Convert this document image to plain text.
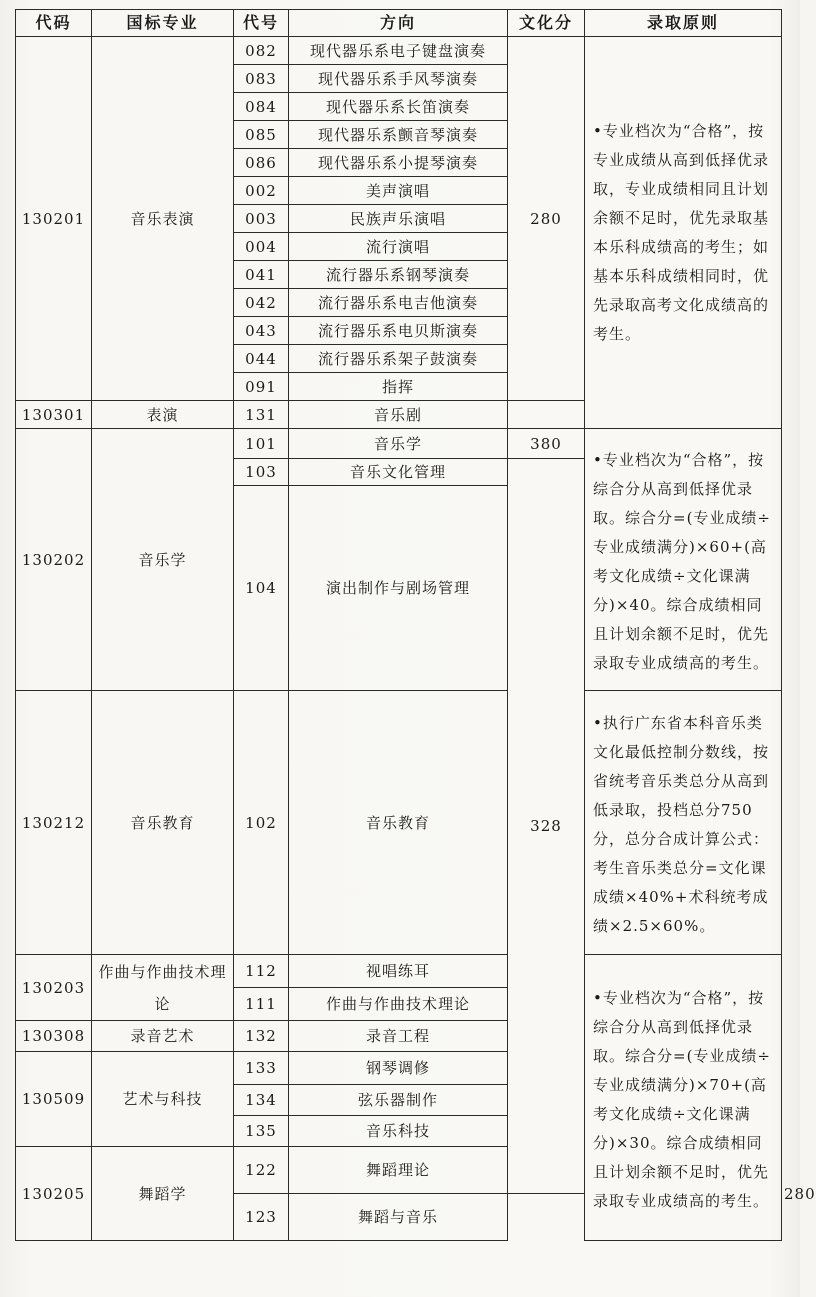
代码	国标专业	代号	方向	文化分	录取原则	
130201	音乐表演	082	现代器乐系电子键盘演奏	280	•专业档次为“合格”，按专业成绩从高到低择优录取，专业成绩相同且计划余额不足时，优先录取基本乐科成绩高的考生；如基本乐科成绩相同时，优先录取高考文化成绩高的考生。	
		083	现代器乐系手风琴演奏			
		084	现代器乐系长笛演奏			
		085	现代器乐系颤音琴演奏			
		086	现代器乐系小提琴演奏			
		002	美声演唱			
		003	民族声乐演唱			
		004	流行演唱			
		041	流行器乐系钢琴演奏			
		042	流行器乐系电吉他演奏			
		043	流行器乐系电贝斯演奏			
		044	流行器乐系架子鼓演奏			
		091	指挥			
130301	表演	131	音乐剧			
130202	音乐学	101	音乐学	380	•专业档次为“合格”，按综合分从高到低择优录取。综合分=(专业成绩÷专业成绩满分)×60+(高考文化成绩÷文化课满分)×40。综合成绩相同且计划余额不足时，优先录取专业成绩高的考生。	
		103	音乐文化管理	328		
		104	演出制作与剧场管理			
130212	音乐教育	102	音乐教育		•执行广东省本科音乐类文化最低控制分数线，按省统考音乐类总分从高到低录取，投档总分750分，总分合成计算公式：考生音乐类总分=文化课成绩×40%+术科统考成绩×2.5×60%。	
130203	作曲与作曲技术理论	112	视唱练耳		•专业档次为“合格”，按综合分从高到低择优录取。综合分=(专业成绩÷专业成绩满分)×70+(高考文化成绩÷文化课满分)×30。综合成绩相同且计划余额不足时，优先录取专业成绩高的考生。	
		111	作曲与作曲技术理论			
130308	录音艺术	132	录音工程			
130509	艺术与科技	133	钢琴调修			
		134	弦乐器制作			
		135	音乐科技			
130205	舞蹈学	122	舞蹈理论			280
		123	舞蹈与音乐			
